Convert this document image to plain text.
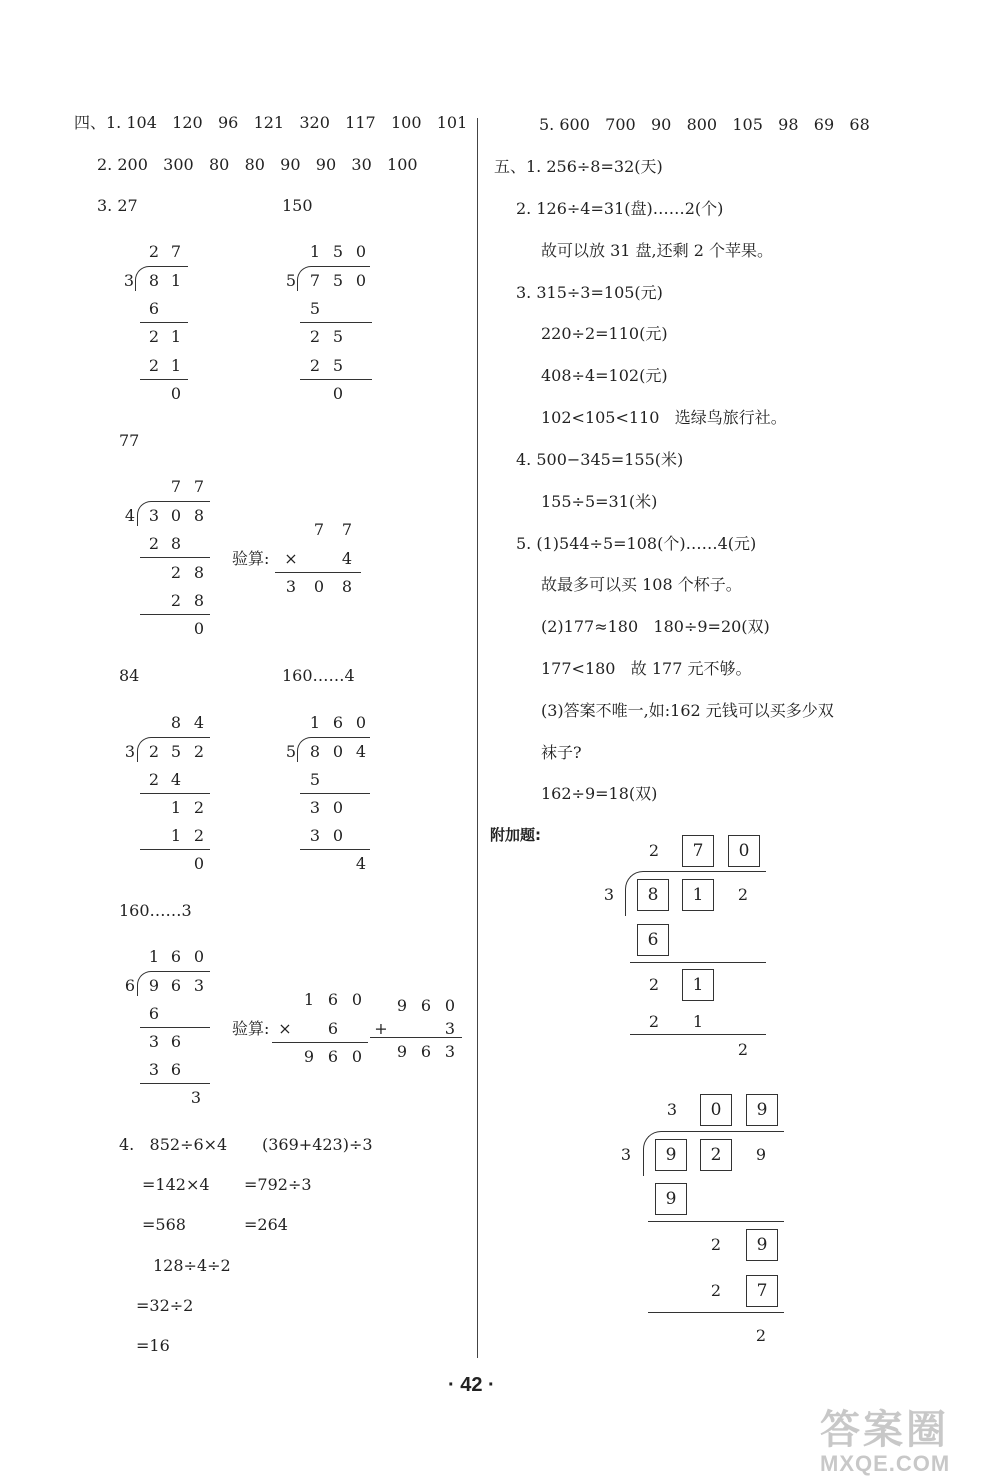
四、1. 104   120   96   121   320   117   100   101
2. 200   300   80   80   90   90   30   100
3. 27	150
2 7
3 8 1
6
2 1
2 1
0
1 5 0
5 7 5 0
5
2 5
2 5
0
77
7 7
4 3 0 8
2 8
2 8
2 8
0
验算:
7	7
×	4
3	0	8
84	160……4
8 4
3 2 5 2
2 4
1 2
1 2
0
1 6 0
5 8 0 4
5
3 0
3 0
4
160……3
1 6 0
6 9 6 3
6
3 6
3 6
3
验算:
1 6 0
×	6
9 6 0
9 6 0
+	3
9 6 3
4.   852÷6×4 (369+423)÷3
=142×4 =792÷3
=568	=264
128÷4÷2
=32÷2
=16
5. 600   700   90   800   105   98   69   68
五、1. 256÷8=32(天)
2. 126÷4=31(盘)……2(个)
故可以放 31 盘,还剩 2 个苹果。
3. 315÷3=105(元)
220÷2=110(元)
408÷4=102(元)
102<105<110   选绿鸟旅行社。
4. 500−345=155(米)
155÷5=31(米)
5. (1)544÷5=108(个)……4(元)
故最多可以买 108 个杯子。
(2)177≈180   180÷9=20(双)
177<180   故 177 元不够。
(3)答案不唯一,如:162 元钱可以买多少双
袜子?
162÷9=18(双)
附加题:
2	7	0
3	8	1	2
6
2	1
2	1
2
3	0	9
3	9	2	9
9
2	9
2	7
2
· 42 ·
答案圈
MXQE.COM
